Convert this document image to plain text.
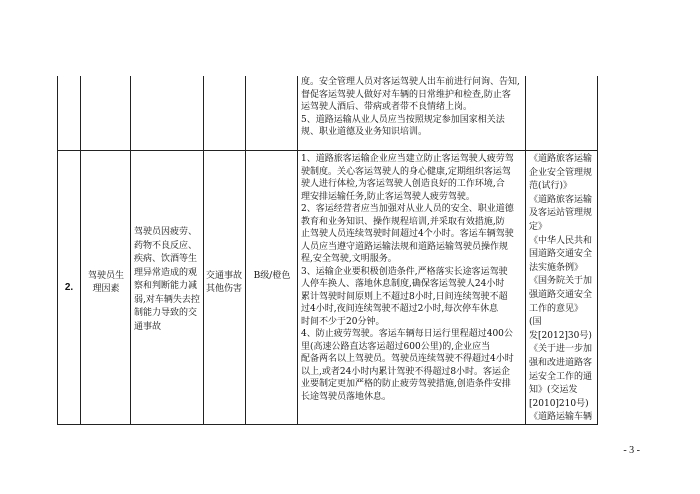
度。安全管理人员对客运驾驶人出车前进行问询、告知,

督促客运驾驶人做好对车辆的日常维护和检查,防止客

运驾驶人酒后、带病或者带不良情绪上岗。

5、道路运输从业人员应当按照规定参加国家相关法

规、职业道德及业务知识培训。

2.
驾驶员生理因素
驾驶员因疲劳、药物不良反应、疾病、饮酒等生理异常造成的观察和判断能力减弱,对车辆失去控制能力导致的交通事故
交通事故其他伤害
B级/橙色

1、道路旅客运输企业应当建立防止客运驾驶人疲劳驾

驶制度。关心客运驾驶人的身心健康,定期组织客运驾

驶人进行体检,为客运驾驶人创造良好的工作环境,合

理安排运输任务,防止客运驾驶人疲劳驾驶。

2、客运经营者应当加强对从业人员的安全、职业道德

教育和业务知识、操作规程培训,并采取有效措施,防

止驾驶人员连续驾驶时间超过4个小时。客运车辆驾驶

人员应当遵守道路运输法规和道路运输驾驶员操作规

程,安全驾驶,文明服务。

3、运输企业要积极创造条件,严格落实长途客运驾驶

人停车换人、落地休息制度,确保客运驾驶人24小时

累计驾驶时间原则上不超过8小时,日间连续驾驶不超

过4小时,夜间连续驾驶不超过2小时,每次停车休息

时间不少于20分钟。

4、防止疲劳驾驶。客运车辆每日运行里程超过400公

里(高速公路直达客运超过600公里)的,企业应当

配备两名以上驾驶员。驾驶员连续驾驶不得超过4小时

以上,或者24小时内累计驾驶不得超过8小时。客运企

业要制定更加严格的防止疲劳驾驶措施,创造条件安排

长途驾驶员落地休息。

《道路旅客运输

企业安全管理规

范(试行)》

《道路旅客运输

及客运站管理规

定》

《中华人民共和

国道路交通安全

法实施条例》

《国务院关于加

强道路交通安全

工作的意见》(国

发[2012]30号)

《关于进一步加

强和改进道路客

运安全工作的通

知》(交运发

[2010]210号)

《道路运输车辆

- 3 -
